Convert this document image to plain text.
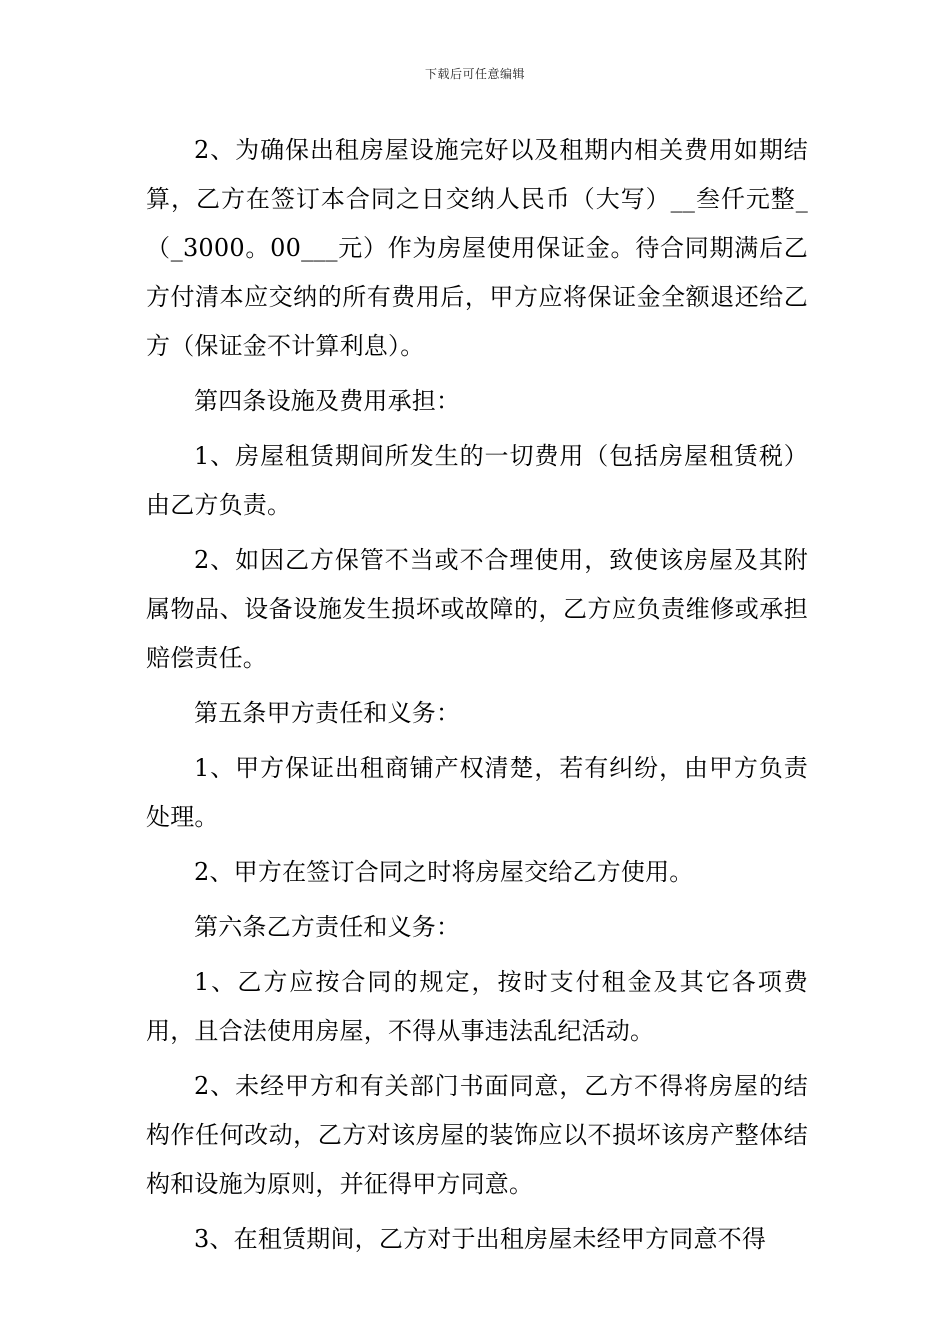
下载后可任意编辑

2、为确保出租房屋设施完好以及租期内相关费用如期结算，乙方在签订本合同之日交纳人民币（大写）__叁仟元整_（_3000。00___元）作为房屋使用保证金。待合同期满后乙方付清本应交纳的所有费用后，甲方应将保证金全额退还给乙方（保证金不计算利息）。

第四条设施及费用承担：

1、房屋租赁期间所发生的一切费用（包括房屋租赁税）由乙方负责。

2、如因乙方保管不当或不合理使用，致使该房屋及其附属物品、设备设施发生损坏或故障的，乙方应负责维修或承担赔偿责任。

第五条甲方责任和义务：

1、甲方保证出租商铺产权清楚，若有纠纷，由甲方负责处理。

2、甲方在签订合同之时将房屋交给乙方使用。

第六条乙方责任和义务：

1、乙方应按合同的规定，按时支付租金及其它各项费用，且合法使用房屋，不得从事违法乱纪活动。

2、未经甲方和有关部门书面同意，乙方不得将房屋的结构作任何改动，乙方对该房屋的装饰应以不损坏该房产整体结构和设施为原则，并征得甲方同意。

3、在租赁期间，乙方对于出租房屋未经甲方同意不得
